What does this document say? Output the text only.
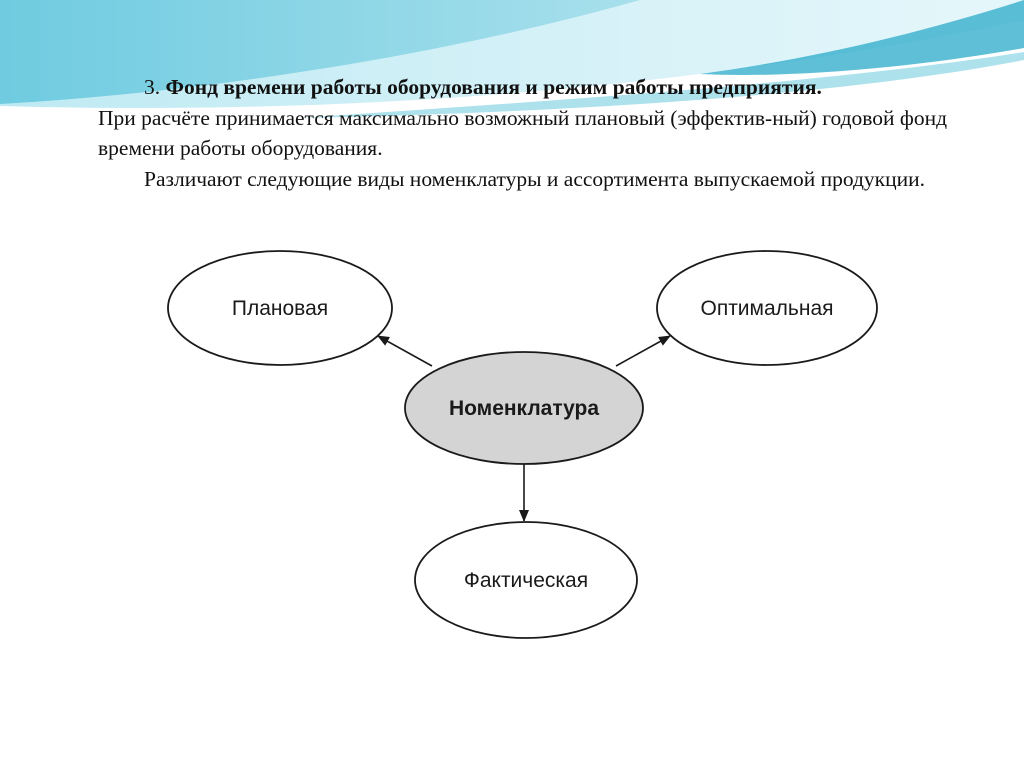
3. Фонд времени работы оборудования и режим работы предприятия.

При расчёте принимается максимально возможный плановый (эффектив-ный) годовой фонд времени работы оборудования.

Различают следующие виды номенклатуры и ассортимента выпускаемой продукции.

Плановая	Оптимальная
Номенклатура
Фактическая
